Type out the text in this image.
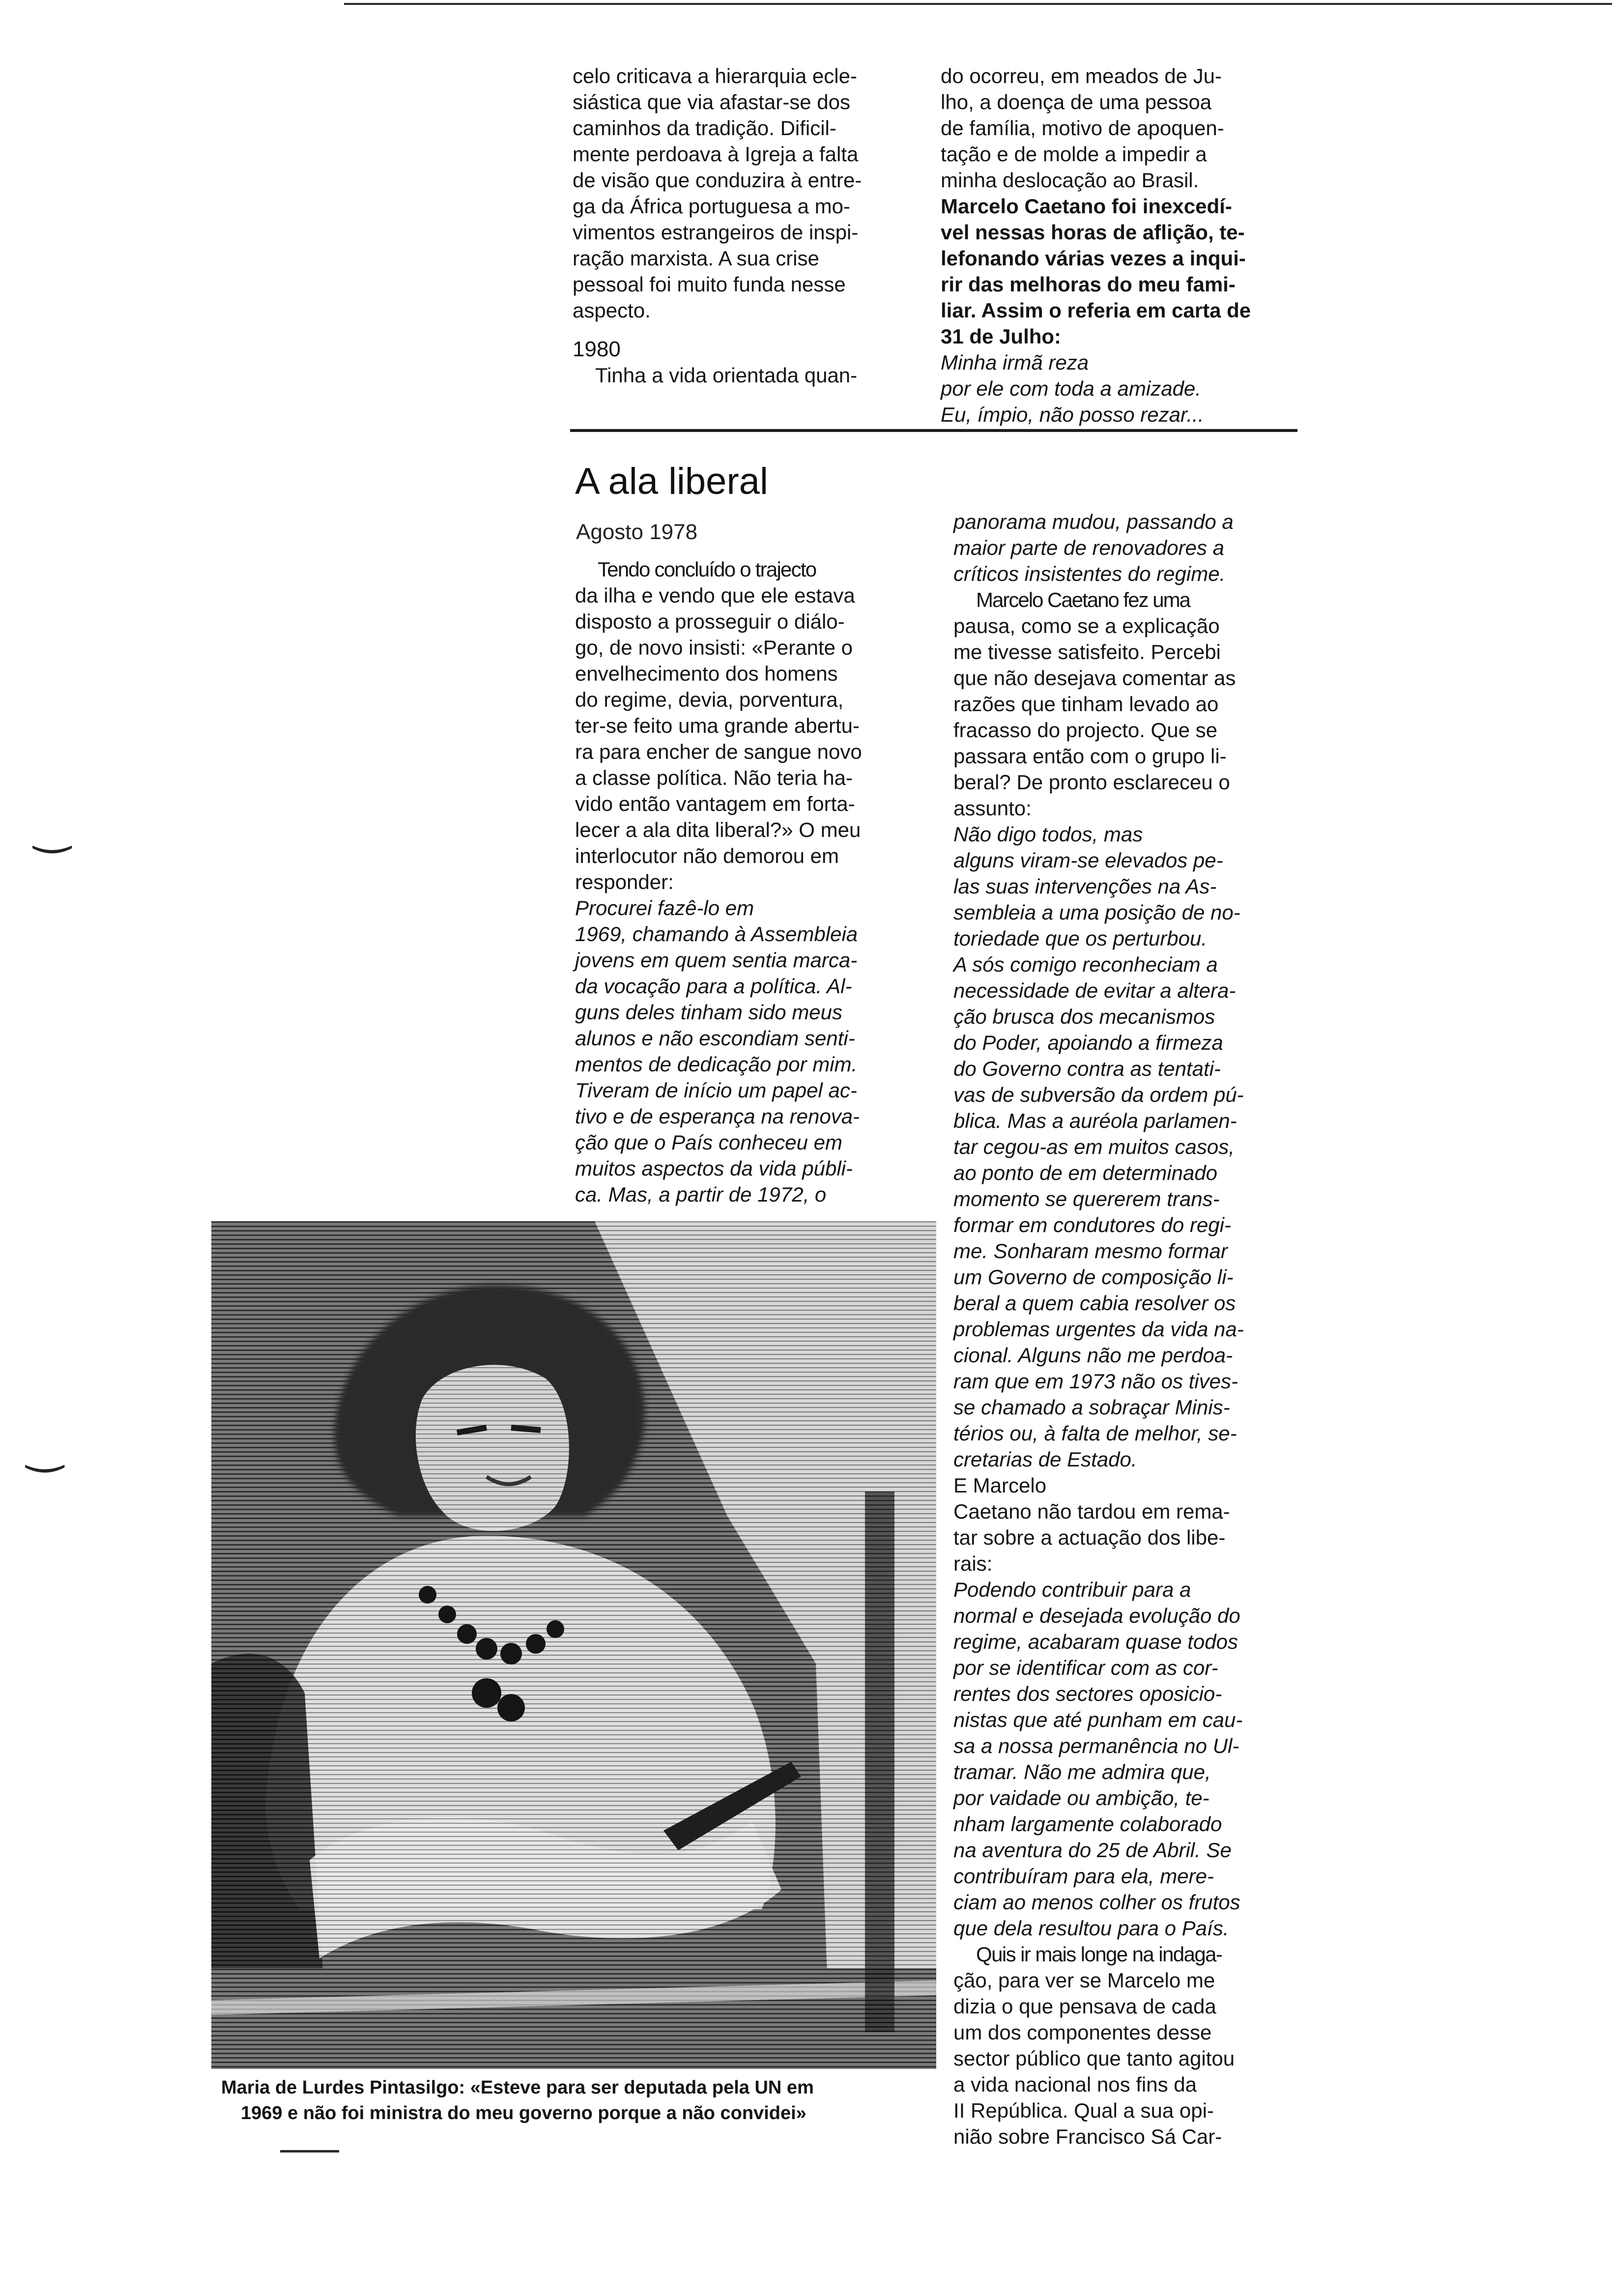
celo criticava a hierarquia ecle-
siástica que via afastar-se dos
caminhos da tradição. Dificil-
mente perdoava à Igreja a falta
de visão que conduzira à entre-
ga da África portuguesa a mo-
vimentos estrangeiros de inspi-
ração marxista. A sua crise
pessoal foi muito funda nesse
aspecto.

1980

Tinha a vida orientada quan-

do ocorreu, em meados de Ju-
lho, a doença de uma pessoa
de família, motivo de apoquen-
tação e de molde a impedir a
minha deslocação ao Brasil.
Marcelo Caetano foi inexcedí-
vel nessas horas de aflição, te-
lefonando várias vezes a inqui-
rir das melhoras do meu fami-
liar. Assim o referia em carta de
31 de Julho:

Minha irmã reza
por ele com toda a amizade.
Eu, ímpio, não posso rezar...

A ala liberal
Agosto 1978

Tendo concluído o trajecto
da ilha e vendo que ele estava
disposto a prosseguir o diálo-
go, de novo insisti: «Perante o
envelhecimento dos homens
do regime, devia, porventura,
ter-se feito uma grande abertu-
ra para encher de sangue novo
a classe política. Não teria ha-
vido então vantagem em forta-
lecer a ala dita liberal?» O meu
interlocutor não demorou em
responder:

Procurei fazê-lo em
1969, chamando à Assembleia
jovens em quem sentia marca-
da vocação para a política. Al-
guns deles tinham sido meus
alunos e não escondiam senti-
mentos de dedicação por mim.
Tiveram de início um papel ac-
tivo e de esperança na renova-
ção que o País conheceu em
muitos aspectos da vida públi-
ca. Mas, a partir de 1972, o

panorama mudou, passando a
maior parte de renovadores a
críticos insistentes do regime.

Marcelo Caetano fez uma
pausa, como se a explicação
me tivesse satisfeito. Percebi
que não desejava comentar as
razões que tinham levado ao
fracasso do projecto. Que se
passara então com o grupo li-
beral? De pronto esclareceu o
assunto:

Não digo todos, mas
alguns viram-se elevados pe-
las suas intervenções na As-
sembleia a uma posição de no-
toriedade que os perturbou.
A sós comigo reconheciam a
necessidade de evitar a altera-
ção brusca dos mecanismos
do Poder, apoiando a firmeza
do Governo contra as tentati-
vas de subversão da ordem pú-
blica. Mas a auréola parlamen-
tar cegou-as em muitos casos,
ao ponto de em determinado
momento se quererem trans-
formar em condutores do regi-
me. Sonharam mesmo formar
um Governo de composição li-
beral a quem cabia resolver os
problemas urgentes da vida na-
cional. Alguns não me perdoa-
ram que em 1973 não os tives-
se chamado a sobraçar Minis-
térios ou, à falta de melhor, se-
cretarias de Estado.

E Marcelo
Caetano não tardou em rema-
tar sobre a actuação dos libe-
rais:

Podendo contribuir para a
normal e desejada evolução do
regime, acabaram quase todos
por se identificar com as cor-
rentes dos sectores oposicio-
nistas que até punham em cau-
sa a nossa permanência no Ul-
tramar. Não me admira que,
por vaidade ou ambição, te-
nham largamente colaborado
na aventura do 25 de Abril. Se
contribuíram para ela, mere-
ciam ao menos colher os frutos
que dela resultou para o País.

Quis ir mais longe na indaga-
ção, para ver se Marcelo me
dizia o que pensava de cada
um dos componentes desse
sector público que tanto agitou
a vida nacional nos fins da
II República. Qual a sua opi-
nião sobre Francisco Sá Car-

Maria de Lurdes Pintasilgo: «Esteve para ser deputada pela UN em
1969 e não foi ministra do meu governo porque a não convidei»
‿
‿
